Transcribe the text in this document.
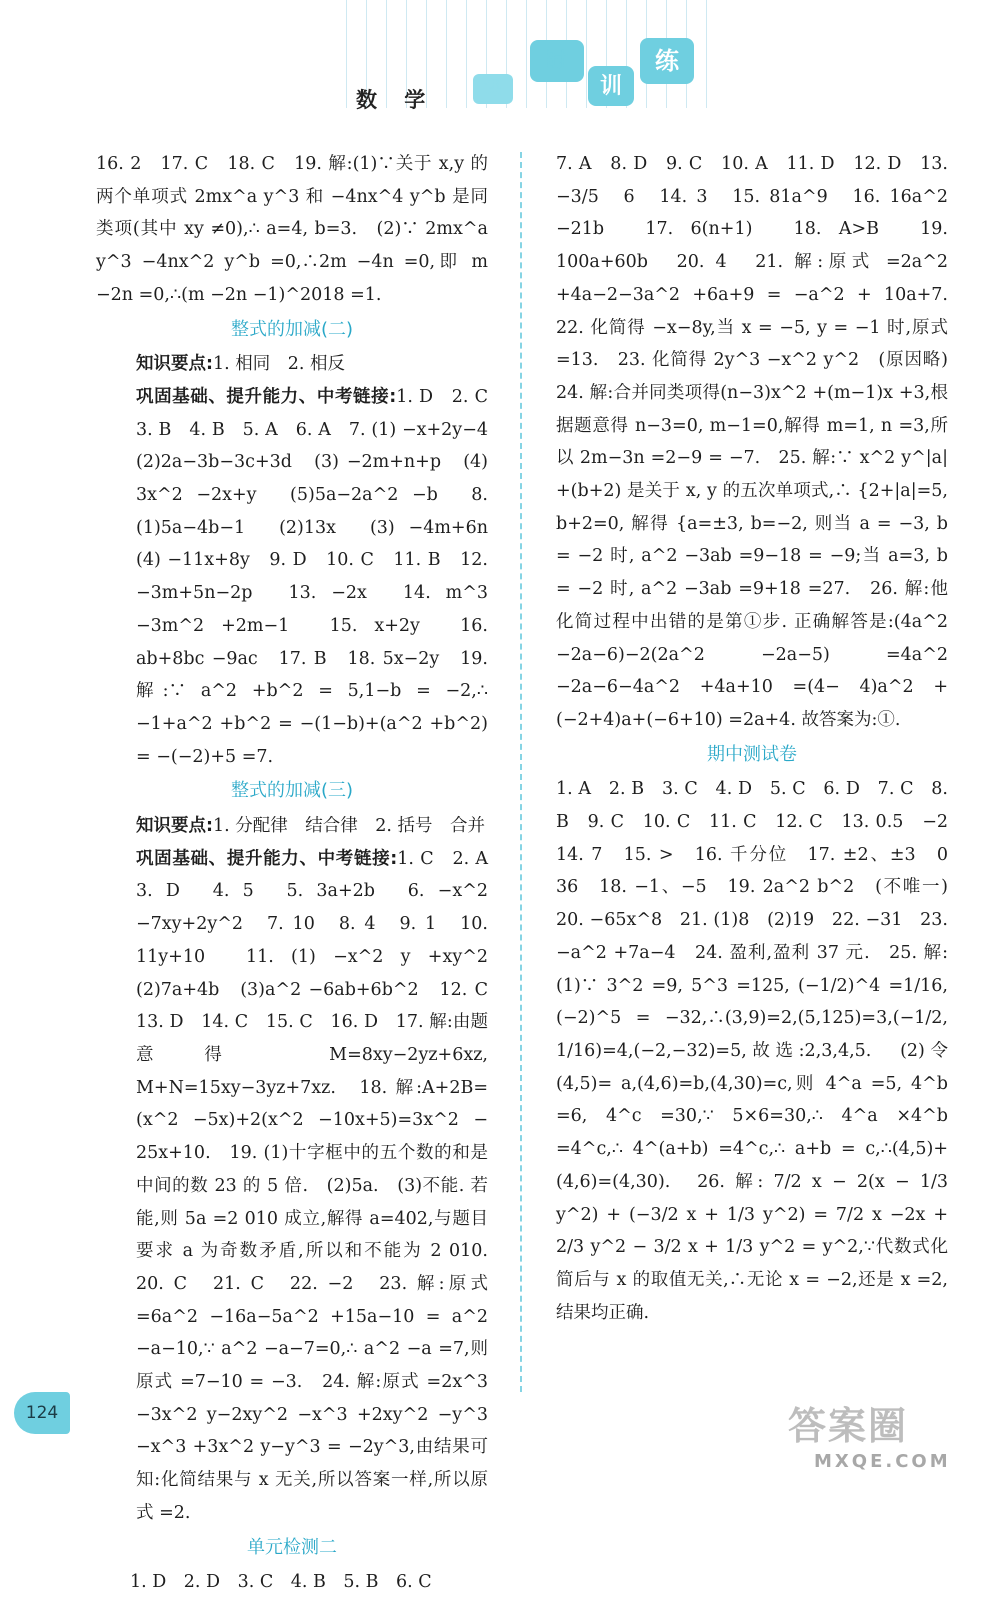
数 学	课
时
训
练

16. 2　17. C　18. C　19. 解:(1)∵关于 x,y 的两个单项式 2mx^a y^3 和 −4nx^4 y^b 是同类项(其中 xy ≠0),∴ a=4, b=3.　(2)∵ 2mx^a y^3 −4nx^2 y^b =0,∴2m −4n =0,即 m −2n =0,∴(m −2n −1)^2018 =1.

整式的加减(二)

知识要点:1. 相同　2. 相反

巩固基础、提升能力、中考链接:1. D　2. C　3. B　4. B　5. A　6. A　7. (1) −x+2y−4　(2)2a−3b−3c+3d　(3) −2m+n+p　(4) 3x^2 −2x+y　(5)5a−2a^2 −b　8. (1)5a−4b−1　(2)13x　(3) −4m+6n　(4) −11x+8y　9. D　10. C　11. B　12. −3m+5n−2p　13. −2x　14. m^3 −3m^2 +2m−1　15. x+2y　16. ab+8bc −9ac　17. B　18. 5x−2y　19. 解:∵ a^2 +b^2 = 5,1−b = −2,∴ −1+a^2 +b^2 = −(1−b)+(a^2 +b^2) = −(−2)+5 =7.

整式的加减(三)

知识要点:1. 分配律　结合律　2. 括号　合并

巩固基础、提升能力、中考链接:1. C　2. A　3. D　4. 5　5. 3a+2b　6. −x^2 −7xy+2y^2　7. 10　8. 4　9. 1　10. 11y+10　11. (1) −x^2 y +xy^2　(2)7a+4b　(3)a^2 −6ab+6b^2　12. C　13. D　14. C　15. C　16. D　17. 解:由题意得 M=8xy−2yz+6xz, M+N=15xy−3yz+7xz.　18. 解:A+2B=(x^2 −5x)+2(x^2 −10x+5)=3x^2 − 25x+10.　19. (1)十字框中的五个数的和是中间的数 23 的 5 倍.　(2)5a.　(3)不能. 若能,则 5a =2 010 成立,解得 a=402,与题目要求 a 为奇数矛盾,所以和不能为 2 010.　20. C　21. C　22. −2　23. 解:原式 =6a^2 −16a−5a^2 +15a−10 = a^2 −a−10,∵ a^2 −a−7=0,∴ a^2 −a =7,则原式 =7−10 = −3.　24. 解:原式 =2x^3 −3x^2 y−2xy^2 −x^3 +2xy^2 −y^3 −x^3 +3x^2 y−y^3 = −2y^3,由结果可知:化简结果与 x 无关,所以答案一样,所以原式 =2.

单元检测二

1. D　2. D　3. C　4. B　5. B　6. C

7. A　8. D　9. C　10. A　11. D　12. D　13. −3/5　6　14. 3　15. 81a^9　16. 16a^2 −21b　17. 6(n+1)　18. A>B　19. 100a+60b　20. 4　21. 解:原式 =2a^2 +4a−2−3a^2 +6a+9 = −a^2 + 10a+7.　22. 化简得 −x−8y,当 x = −5, y = −1 时,原式 =13.　23. 化简得 2y^3 −x^2 y^2　(原因略)　24. 解:合并同类项得(n−3)x^2 +(m−1)x +3,根据题意得 n−3=0, m−1=0,解得 m=1, n =3,所以 2m−3n =2−9 = −7.　25. 解:∵ x^2 y^|a| +(b+2) 是关于 x, y 的五次单项式,∴ {2+|a|=5, b+2=0, 解得 {a=±3, b=−2, 则当 a = −3, b = −2 时, a^2 −3ab =9−18 = −9;当 a=3, b = −2 时, a^2 −3ab =9+18 =27.　26. 解:他化简过程中出错的是第①步. 正确解答是:(4a^2 −2a−6)−2(2a^2 −2a−5) =4a^2 −2a−6−4a^2 +4a+10 =(4− 4)a^2 +(−2+4)a+(−6+10) =2a+4. 故答案为:①.

期中测试卷

1. A　2. B　3. C　4. D　5. C　6. D　7. C　8. B　9. C　10. C　11. C　12. C　13. 0.5　−2　14. 7　15. >　16. 千分位　17. ±2、±3　0　36　18. −1、−5　19. 2a^2 b^2　(不唯一)　20. −65x^8　21. (1)8　(2)19　22. −31　23. −a^2 +7a−4　24. 盈利,盈利 37 元.　25. 解:(1)∵ 3^2 =9, 5^3 =125, (−1/2)^4 =1/16, (−2)^5 = −32,∴(3,9)=2,(5,125)=3,(−1/2, 1/16)=4,(−2,−32)=5,故选:2,3,4,5.　(2)令(4,5)= a,(4,6)=b,(4,30)=c,则 4^a =5, 4^b =6, 4^c =30,∵ 5×6=30,∴ 4^a ×4^b =4^c,∴ 4^(a+b) =4^c,∴ a+b = c,∴(4,5)+(4,6)=(4,30).　26. 解: 7/2 x − 2(x − 1/3 y^2) + (−3/2 x + 1/3 y^2) = 7/2 x −2x + 2/3 y^2 − 3/2 x + 1/3 y^2 = y^2,∵代数式化简后与 x 的取值无关,∴无论 x = −2,还是 x =2,结果均正确.

124	答案圈
MXQE.COM
